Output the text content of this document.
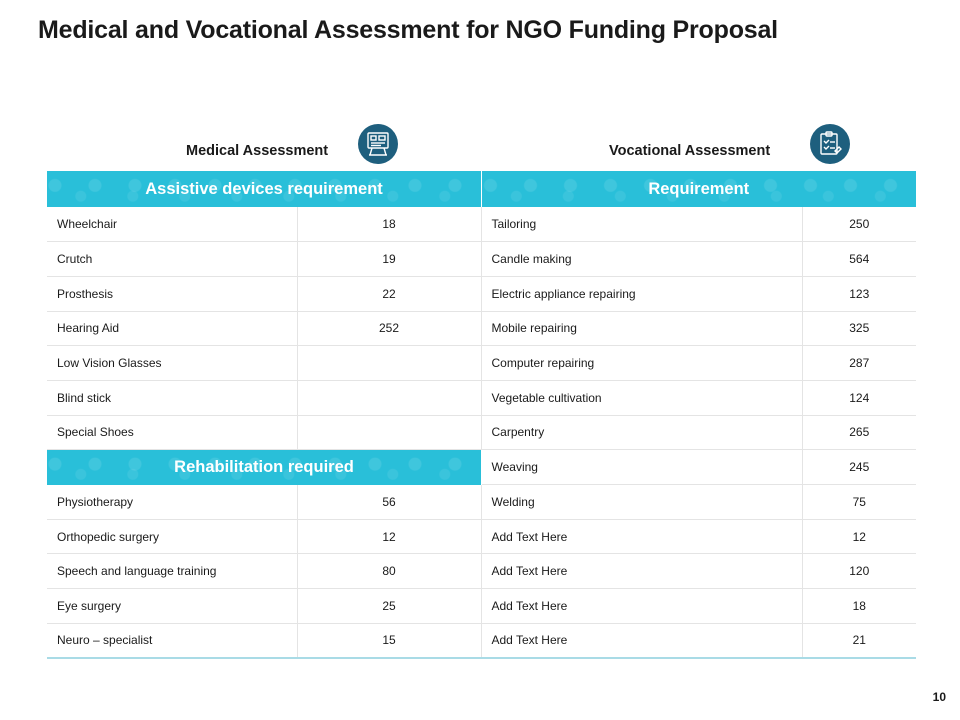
Medical and Vocational Assessment for NGO Funding Proposal
Medical Assessment	Vocational Assessment
Assistive devices requirement	
Wheelchair	18
Crutch	19
Prosthesis	22
Hearing Aid	252
Low Vision Glasses	
Blind stick	
Special Shoes	
Rehabilitation required	
Physiotherapy	56
Orthopedic surgery	12
Speech and language training	80
Eye surgery	25
Neuro – specialist	15
Requirement	
Tailoring	250
Candle making	564
Electric appliance repairing	123
Mobile repairing	325
Computer repairing	287
Vegetable cultivation	124
Carpentry	265
Weaving	245
Welding	75
Add Text Here	12
Add Text Here	120
Add Text Here	18
Add Text Here	21
10
